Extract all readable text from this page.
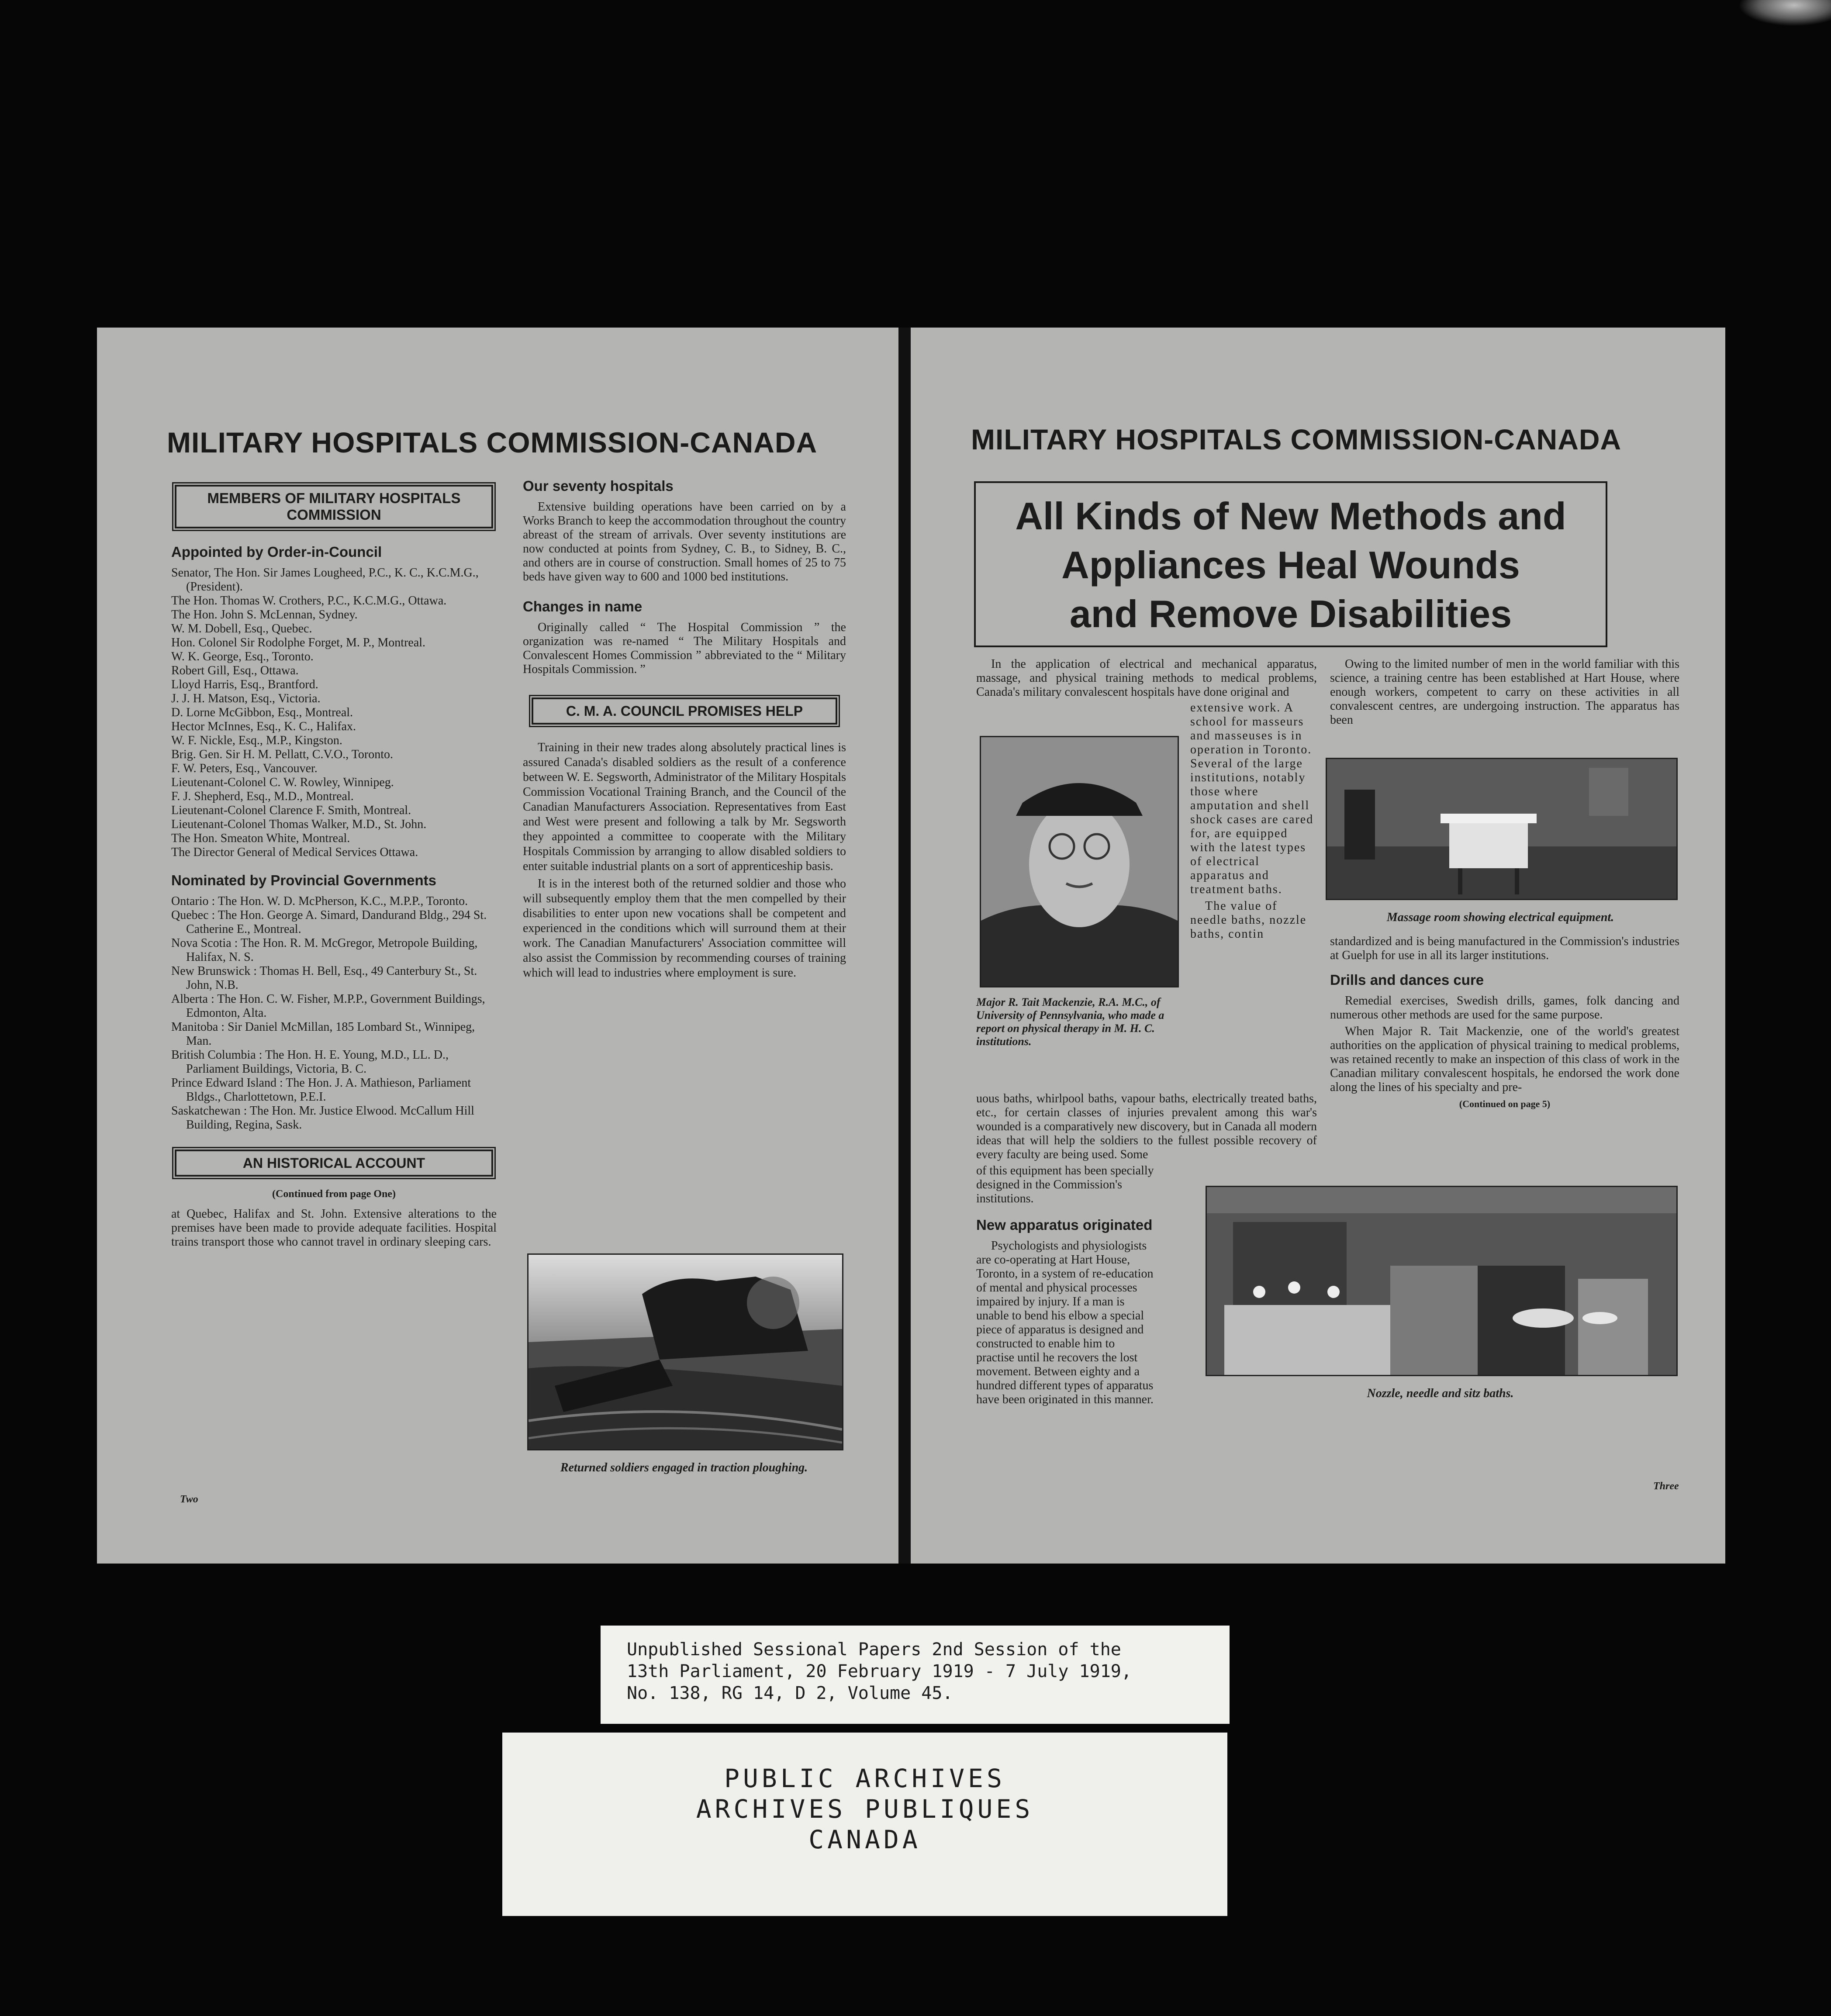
MILITARY HOSPITALS COMMISSION-CANADA
MEMBERS OF MILITARY HOSPITALS COMMISSION
Appointed by Order-in-Council

Senator, The Hon. Sir James Lougheed, P.C., K. C., K.C.M.G., (President).

The Hon. Thomas W. Crothers, P.C., K.C.M.G., Ottawa.

The Hon. John S. McLennan, Sydney.

W. M. Dobell, Esq., Quebec.

Hon. Colonel Sir Rodolphe Forget, M. P., Montreal.

W. K. George, Esq., Toronto.

Robert Gill, Esq., Ottawa.

Lloyd Harris, Esq., Brantford.

J. J. H. Matson, Esq., Victoria.

D. Lorne McGibbon, Esq., Montreal.

Hector McInnes, Esq., K. C., Halifax.

W. F. Nickle, Esq., M.P., Kingston.

Brig. Gen. Sir H. M. Pellatt, C.V.O., Toronto.

F. W. Peters, Esq., Vancouver.

Lieutenant-Colonel C. W. Rowley, Winnipeg.

F. J. Shepherd, Esq., M.D., Montreal.

Lieutenant-Colonel Clarence F. Smith, Montreal.

Lieutenant-Colonel Thomas Walker, M.D., St. John.

The Hon. Smeaton White, Montreal.

The Director General of Medical Services Ottawa.

Nominated by Provincial Governments

Ontario : The Hon. W. D. McPherson, K.C., M.P.P., Toronto.

Quebec : The Hon. George A. Simard, Dandurand Bldg., 294 St. Catherine E., Montreal.

Nova Scotia : The Hon. R. M. McGregor, Metropole Building, Halifax, N. S.

New Brunswick : Thomas H. Bell, Esq., 49 Canterbury St., St. John, N.B.

Alberta : The Hon. C. W. Fisher, M.P.P., Government Buildings, Edmonton, Alta.

Manitoba : Sir Daniel McMillan, 185 Lombard St., Winnipeg, Man.

British Columbia : The Hon. H. E. Young, M.D., LL. D., Parliament Buildings, Victoria, B. C.

Prince Edward Island : The Hon. J. A. Mathieson, Parliament Bldgs., Charlottetown, P.E.I.

Saskatchewan : The Hon. Mr. Justice Elwood. McCallum Hill Building, Regina, Sask.

AN HISTORICAL ACCOUNT

(Continued from page One)

at Quebec, Halifax and St. John. Extensive alterations to the premises have been made to provide adequate facilities. Hospital trains transport those who cannot travel in ordinary sleeping cars.

Two
Our seventy hospitals

Extensive building operations have been carried on by a Works Branch to keep the accommodation throughout the country abreast of the stream of arrivals. Over seventy institutions are now conducted at points from Sydney, C. B., to Sidney, B. C., and others are in course of construction. Small homes of 25 to 75 beds have given way to 600 and 1000 bed institutions.

Changes in name

Originally called “ The Hospital Commission ” the organization was re-named “ The Military Hospitals and Convalescent Homes Commission ” abbreviated to the “ Military Hospitals Commission. ”

C. M. A. COUNCIL PROMISES HELP

Training in their new trades along absolutely practical lines is assured Canada's disabled soldiers as the result of a conference between W. E. Segsworth, Administrator of the Military Hospitals Commission Vocational Training Branch, and the Council of the Canadian Manufacturers Association. Representatives from East and West were present and following a talk by Mr. Segsworth they appointed a committee to cooperate with the Military Hospitals Commission by arranging to allow disabled soldiers to enter suitable industrial plants on a sort of apprenticeship basis.

It is in the interest both of the returned soldier and those who will subsequently employ them that the men compelled by their disabilities to enter upon new vocations shall be competent and experienced in the conditions which will surround them at their work. The Canadian Manufacturers' Association committee will also assist the Commission by recommending courses of training which will lead to industries where employment is sure.

Returned soldiers engaged in traction ploughing.
MILITARY HOSPITALS COMMISSION-CANADA
All Kinds of New Methods and
Appliances Heal Wounds
and Remove Disabilities

In the application of electrical and mechanical apparatus, massage, and physical training methods to medical problems, Canada's military convalescent hospitals have done original and

extensive work. A school for masseurs and masseuses is in operation in Toronto. Several of the large institutions, notably those where amputation and shell shock cases are cared for, are equipped with the latest types of electrical apparatus and treatment baths.

The value of needle baths, nozzle baths, contin

uous baths, whirlpool baths, vapour baths, electrically treated baths, etc., for certain classes of injuries prevalent among this war's wounded is a comparatively new discovery, but in Canada all modern ideas that will help the soldiers to the fullest possible recovery of every faculty are being used. Some
of this equipment has been specially designed in the Commission's institutions.
New apparatus originated

Psychologists and physiologists are co-operating at Hart House, Toronto, in a system of re-education of mental and physical processes impaired by injury. If a man is unable to bend his elbow a special piece of apparatus is designed and constructed to enable him to practise until he recovers the lost movement. Between eighty and a hundred different types of apparatus have been originated in this manner.

Major R. Tait Mackenzie, R.A. M.C., of University of Pennsylvania, who made a report on physical therapy in M. H. C. institutions.

Owing to the limited number of men in the world familiar with this science, a training centre has been established at Hart House, where enough workers, competent to carry on these activities in all convalescent centres, are undergoing instruction. The apparatus has been

Massage room showing electrical equipment.

standardized and is being manufactured in the Commission's industries at Guelph for use in all its larger institutions.

Drills and dances cure

Remedial exercises, Swedish drills, games, folk dancing and numerous other methods are used for the same purpose.

When Major R. Tait Mackenzie, one of the world's greatest authorities on the application of physical training to medical problems, was retained recently to make an inspection of this class of work in the Canadian military convalescent hospitals, he endorsed the work done along the lines of his specialty and pre-

(Continued on page 5)

Nozzle, needle and sitz baths.
Three
Unpublished Sessional Papers 2nd Session of the
13th Parliament, 20 February 1919 - 7 July 1919,
No. 138, RG 14, D 2, Volume 45.
PUBLIC ARCHIVES
ARCHIVES PUBLIQUES
CANADA
